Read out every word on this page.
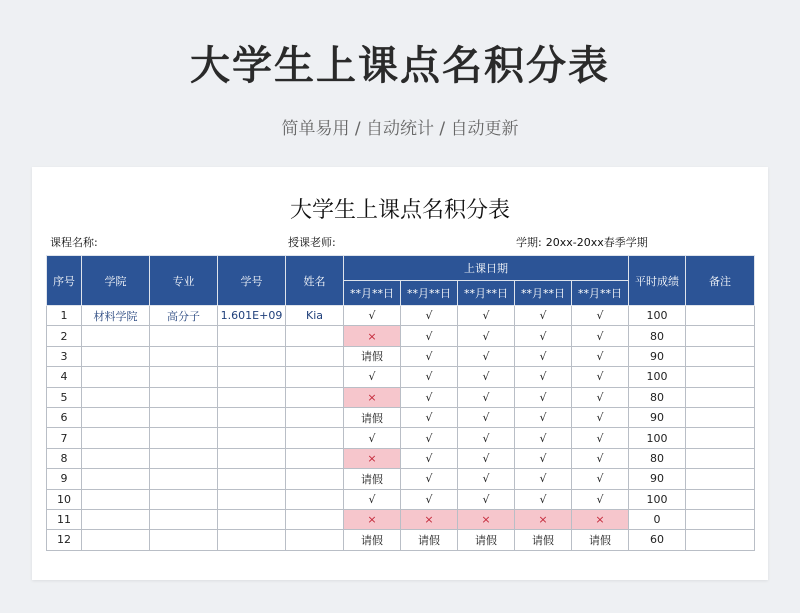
大学生上课点名积分表
简单易用 / 自动统计 / 自动更新
大学生上课点名积分表
课程名称:	授课老师:	学期: 20xx-20xx春季学期
序号	学院	专业	学号	姓名	上课日期					平时成绩	备注
					**月**日	**月**日	**月**日	**月**日	**月**日		
1	材料学院	高分子	1.601E+09	Kia	√	√	√	√	√	100	
2					×	√	√	√	√	80	
3					请假	√	√	√	√	90	
4					√	√	√	√	√	100	
5					×	√	√	√	√	80	
6					请假	√	√	√	√	90	
7					√	√	√	√	√	100	
8					×	√	√	√	√	80	
9					请假	√	√	√	√	90	
10					√	√	√	√	√	100	
11					×	×	×	×	×	0	
12					请假	请假	请假	请假	请假	60	
